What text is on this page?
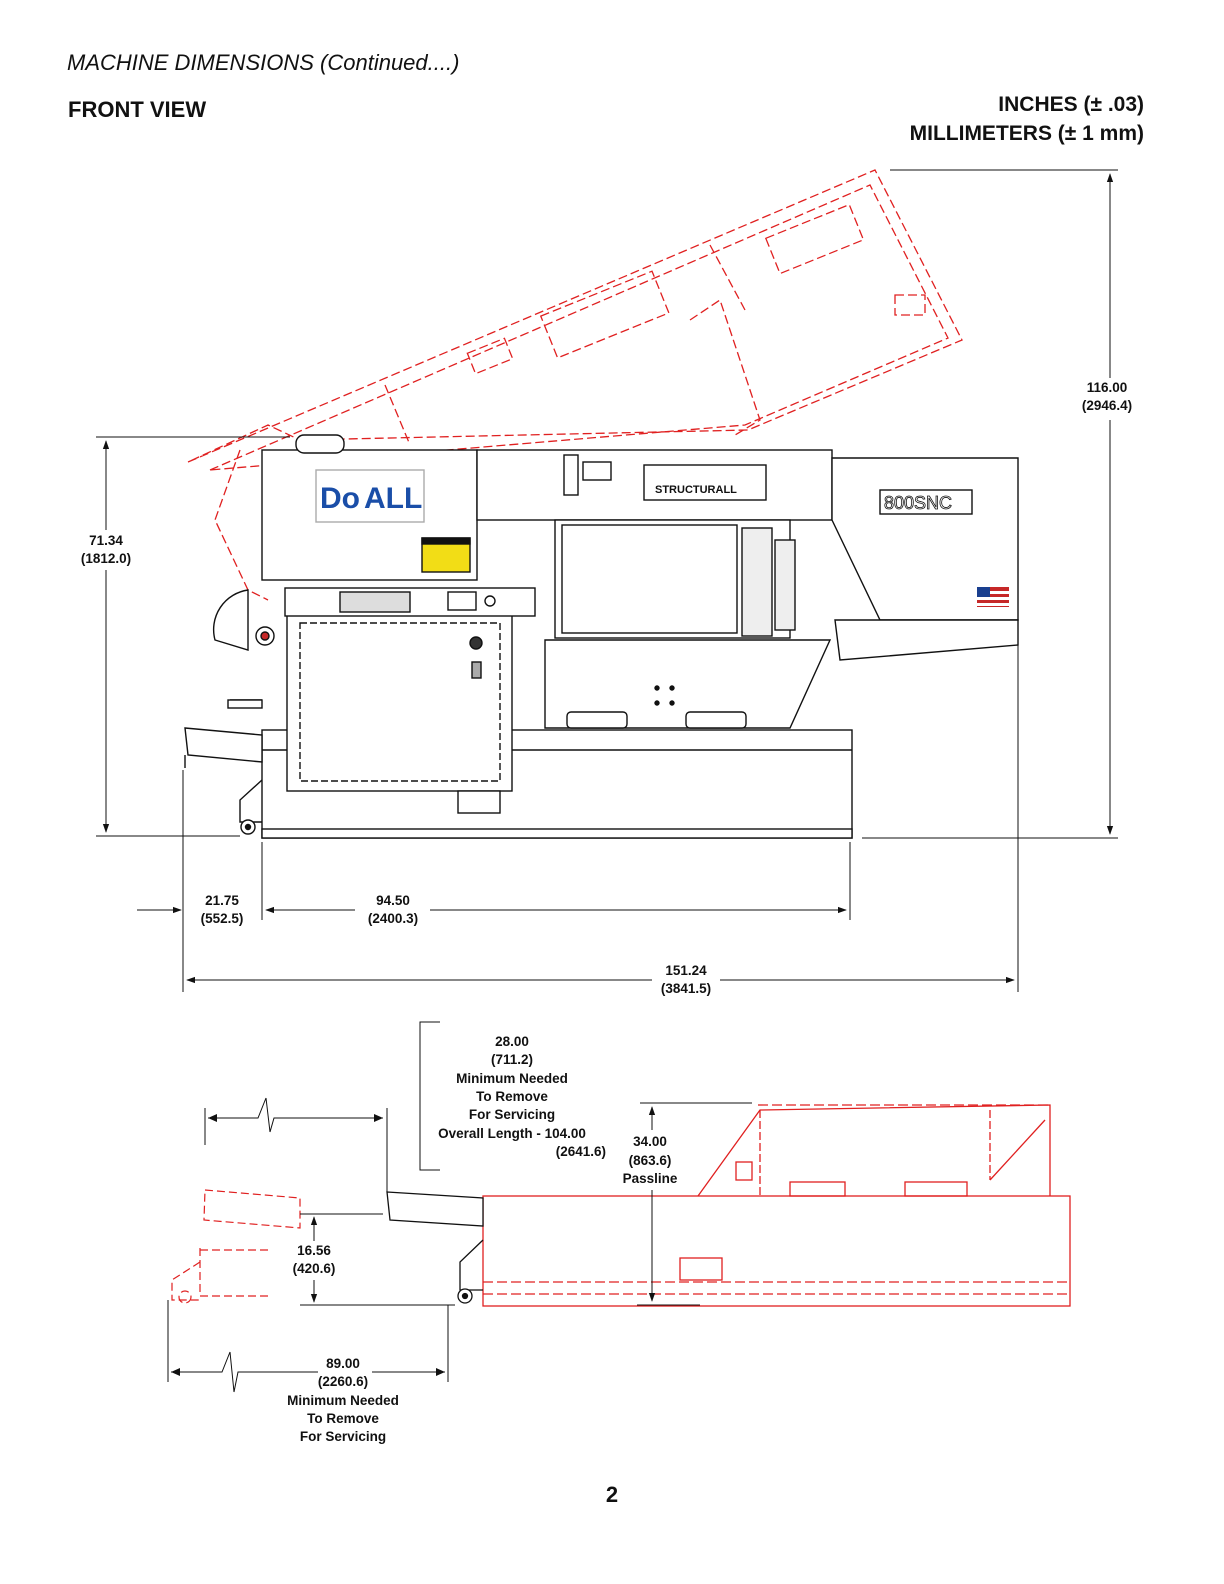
MACHINE DIMENSIONS (Continued....)
FRONT VIEW	INCHES (± .03)
MILLIMETERS (± 1 mm)
Do ALL	STRUCTURALL
800SNC
116.00
(2946.4)
71.34
(1812.0)
21.75
(552.5)
94.50
(2400.3)
151.24
(3841.5)
28.00
(711.2)
Minimum Needed
To Remove
For Servicing
Overall Length - 104.00
(2641.6)
34.00
(863.6)
Passline
16.56
(420.6)
89.00
(2260.6)
Minimum Needed
To Remove
For Servicing
2
